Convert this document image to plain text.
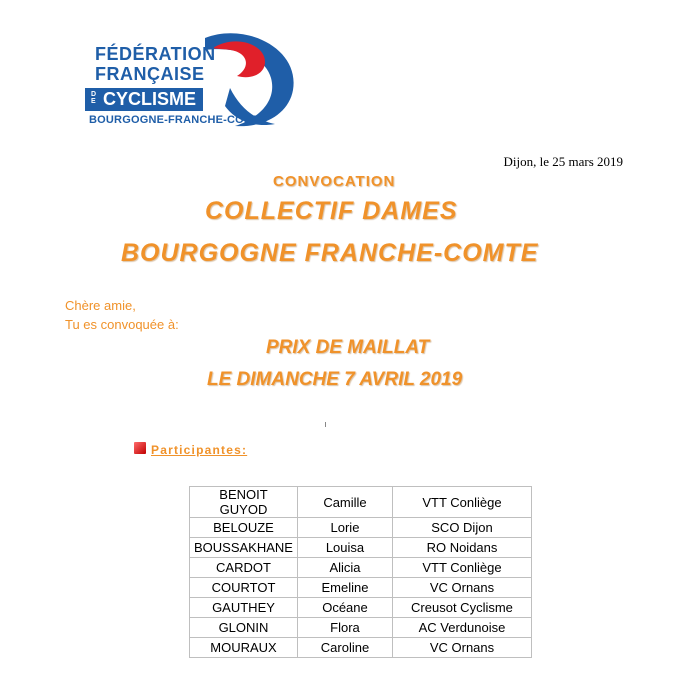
FÉDÉRATION
FRANÇAISE
DE CYCLISME
BOURGOGNE-FRANCHE-COMTÉ
Dijon, le 25 mars 2019
CONVOCATION
COLLECTIF DAMES
BOURGOGNE FRANCHE-COMTE
Chère amie,
Tu es convoquée à:
PRIX DE MAILLAT
LE DIMANCHE 7 AVRIL 2019
Participantes:
BENOIT GUYOD	Camille	VTT Conliège
BELOUZE	Lorie	SCO Dijon
BOUSSAKHANE	Louisa	RO Noidans
CARDOT	Alicia	VTT Conliège
COURTOT	Emeline	VC Ornans
GAUTHEY	Océane	Creusot Cyclisme
GLONIN	Flora	AC Verdunoise
MOURAUX	Caroline	VC Ornans
